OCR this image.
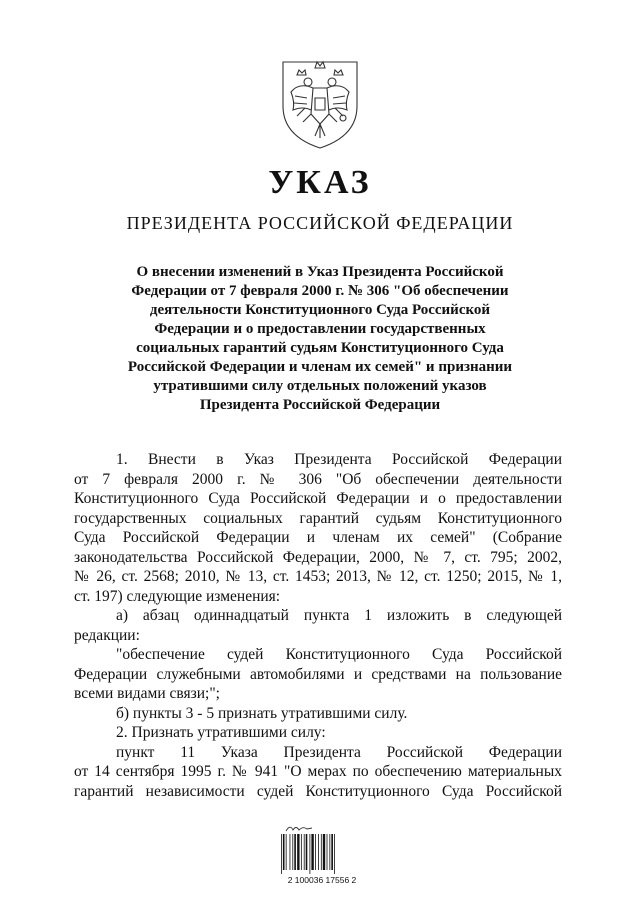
УКАЗ
ПРЕЗИДЕНТА РОССИЙСКОЙ ФЕДЕРАЦИИ
О внесении изменений в Указ Президента Российской
Федерации от 7 февраля 2000 г. № 306 "Об обеспечении
деятельности Конституционного Суда Российской
Федерации и о предоставлении государственных
социальных гарантий судьям Конституционного Суда
Российской Федерации и членам их семей" и признании
утратившими силу отдельных положений указов
Президента Российской Федерации
1. Внести в Указ Президента Российской Федерации
от 7 февраля 2000 г. № 306 "Об обеспечении деятельности
Конституционного Суда Российской Федерации и о предоставлении
государственных социальных гарантий судьям Конституционного
Суда Российской Федерации и членам их семей" (Собрание
законодательства Российской Федерации, 2000, № 7, ст. 795; 2002,
№ 26, ст. 2568; 2010, № 13, ст. 1453; 2013, № 12, ст. 1250; 2015, № 1,
ст. 197) следующие изменения:
а) абзац одиннадцатый пункта 1 изложить в следующей
редакции:
"обеспечение судей Конституционного Суда Российской
Федерации служебными автомобилями и средствами на пользование
всеми видами связи;";
б) пункты 3 - 5 признать утратившими силу.
2. Признать утратившими силу:
пункт 11 Указа Президента Российской Федерации
от 14 сентября 1995 г. № 941 "О мерах по обеспечению материальных
гарантий независимости судей Конституционного Суда Российской
2 100036 17556 2
